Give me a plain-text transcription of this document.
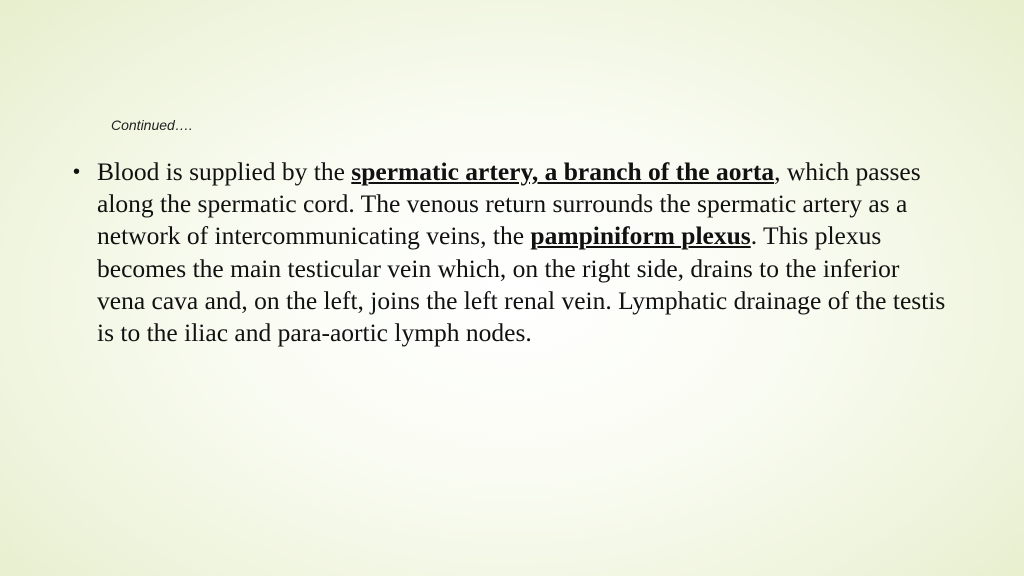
Continued….

• Blood is supplied by the spermatic artery, a branch of the aorta, which passes along the spermatic cord. The venous return surrounds the spermatic artery as a network of intercommunicating veins, the pampiniform plexus. This plexus becomes the main testicular vein which, on the right side, drains to the inferior vena cava and, on the left, joins the left renal vein. Lymphatic drainage of the testis is to the iliac and para-aortic lymph nodes.
